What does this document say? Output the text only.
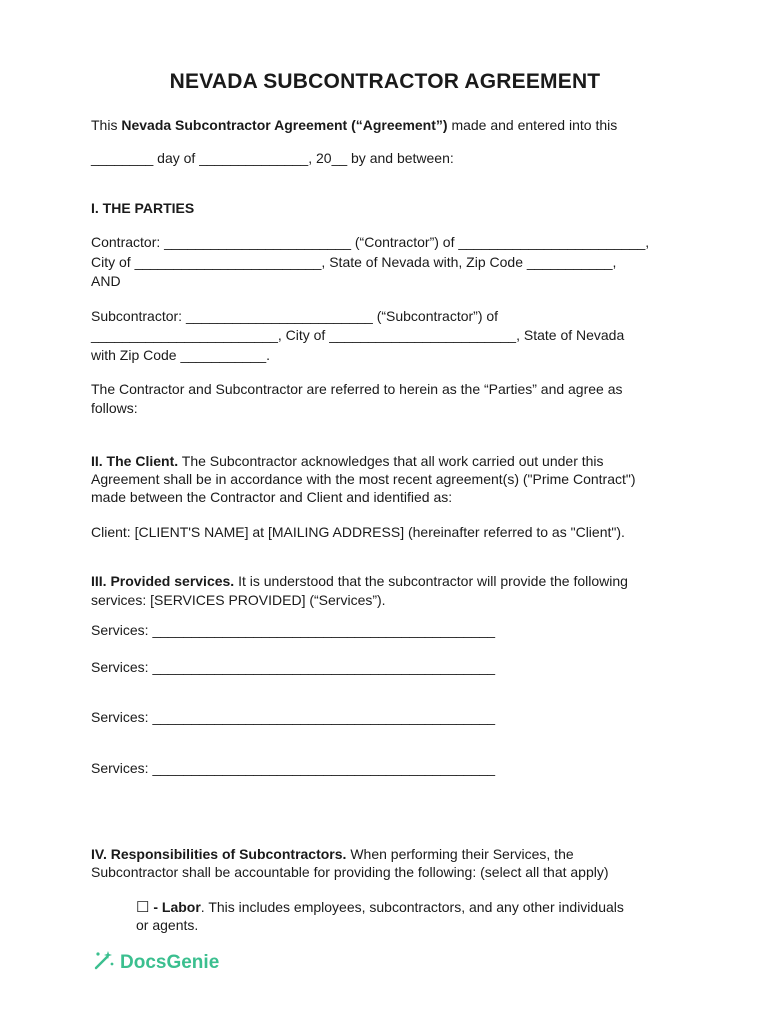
NEVADA SUBCONTRACTOR AGREEMENT
This Nevada Subcontractor Agreement (“Agreement”) made and entered into this
________ day of ______________, 20__ by and between:
I. THE PARTIES
Contractor: ________________________ (“Contractor”) of ________________________,
City of ________________________, State of Nevada with, Zip Code ___________,
AND
Subcontractor: ________________________ (“Subcontractor”) of
________________________, City of ________________________, State of Nevada
with Zip Code ___________.
The Contractor and Subcontractor are referred to herein as the “Parties” and agree as
follows:
II. The Client. The Subcontractor acknowledges that all work carried out under this
Agreement shall be in accordance with the most recent agreement(s) ("Prime Contract")
made between the Contractor and Client and identified as:
Client: [CLIENT'S NAME] at [MAILING ADDRESS] (hereinafter referred to as "Client").
III. Provided services. It is understood that the subcontractor will provide the following
services: [SERVICES PROVIDED] (“Services”).
Services: ____________________________________________
Services: ____________________________________________
Services: ____________________________________________
Services: ____________________________________________
IV. Responsibilities of Subcontractors. When performing their Services, the
Subcontractor shall be accountable for providing the following: (select all that apply)
☐ - Labor. This includes employees, subcontractors, and any other individuals
or agents.
DocsGenie
